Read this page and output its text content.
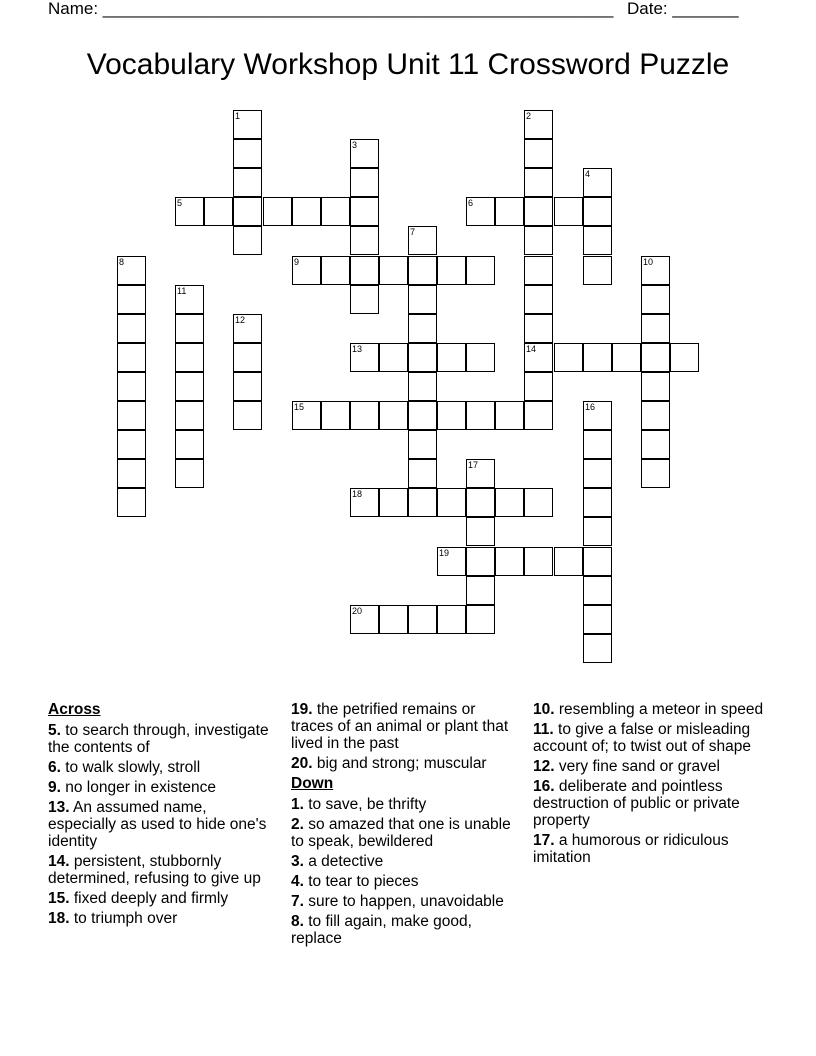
Name: ______________________________________________________ Date: _______
Vocabulary Workshop Unit 11 Crossword Puzzle
1	2
14
3
4
5	6
7
8	9	10
11
12
13
15	16
17
18
19
20
Across
5. to search through, investigate the contents of
6. to walk slowly, stroll
9. no longer in existence
13. An assumed name, especially as used to hide one's identity
14. persistent, stubbornly determined, refusing to give up
15. fixed deeply and firmly
18. to triumph over
19. the petrified remains or traces of an animal or plant that lived in the past
20. big and strong; muscular
Down
1. to save, be thrifty
2. so amazed that one is unable to speak, bewildered
3. a detective
4. to tear to pieces
7. sure to happen, unavoidable
8. to fill again, make good, replace
10. resembling a meteor in speed
11. to give a false or misleading account of; to twist out of shape
12. very fine sand or gravel
16. deliberate and pointless destruction of public or private property
17. a humorous or ridiculous imitation
